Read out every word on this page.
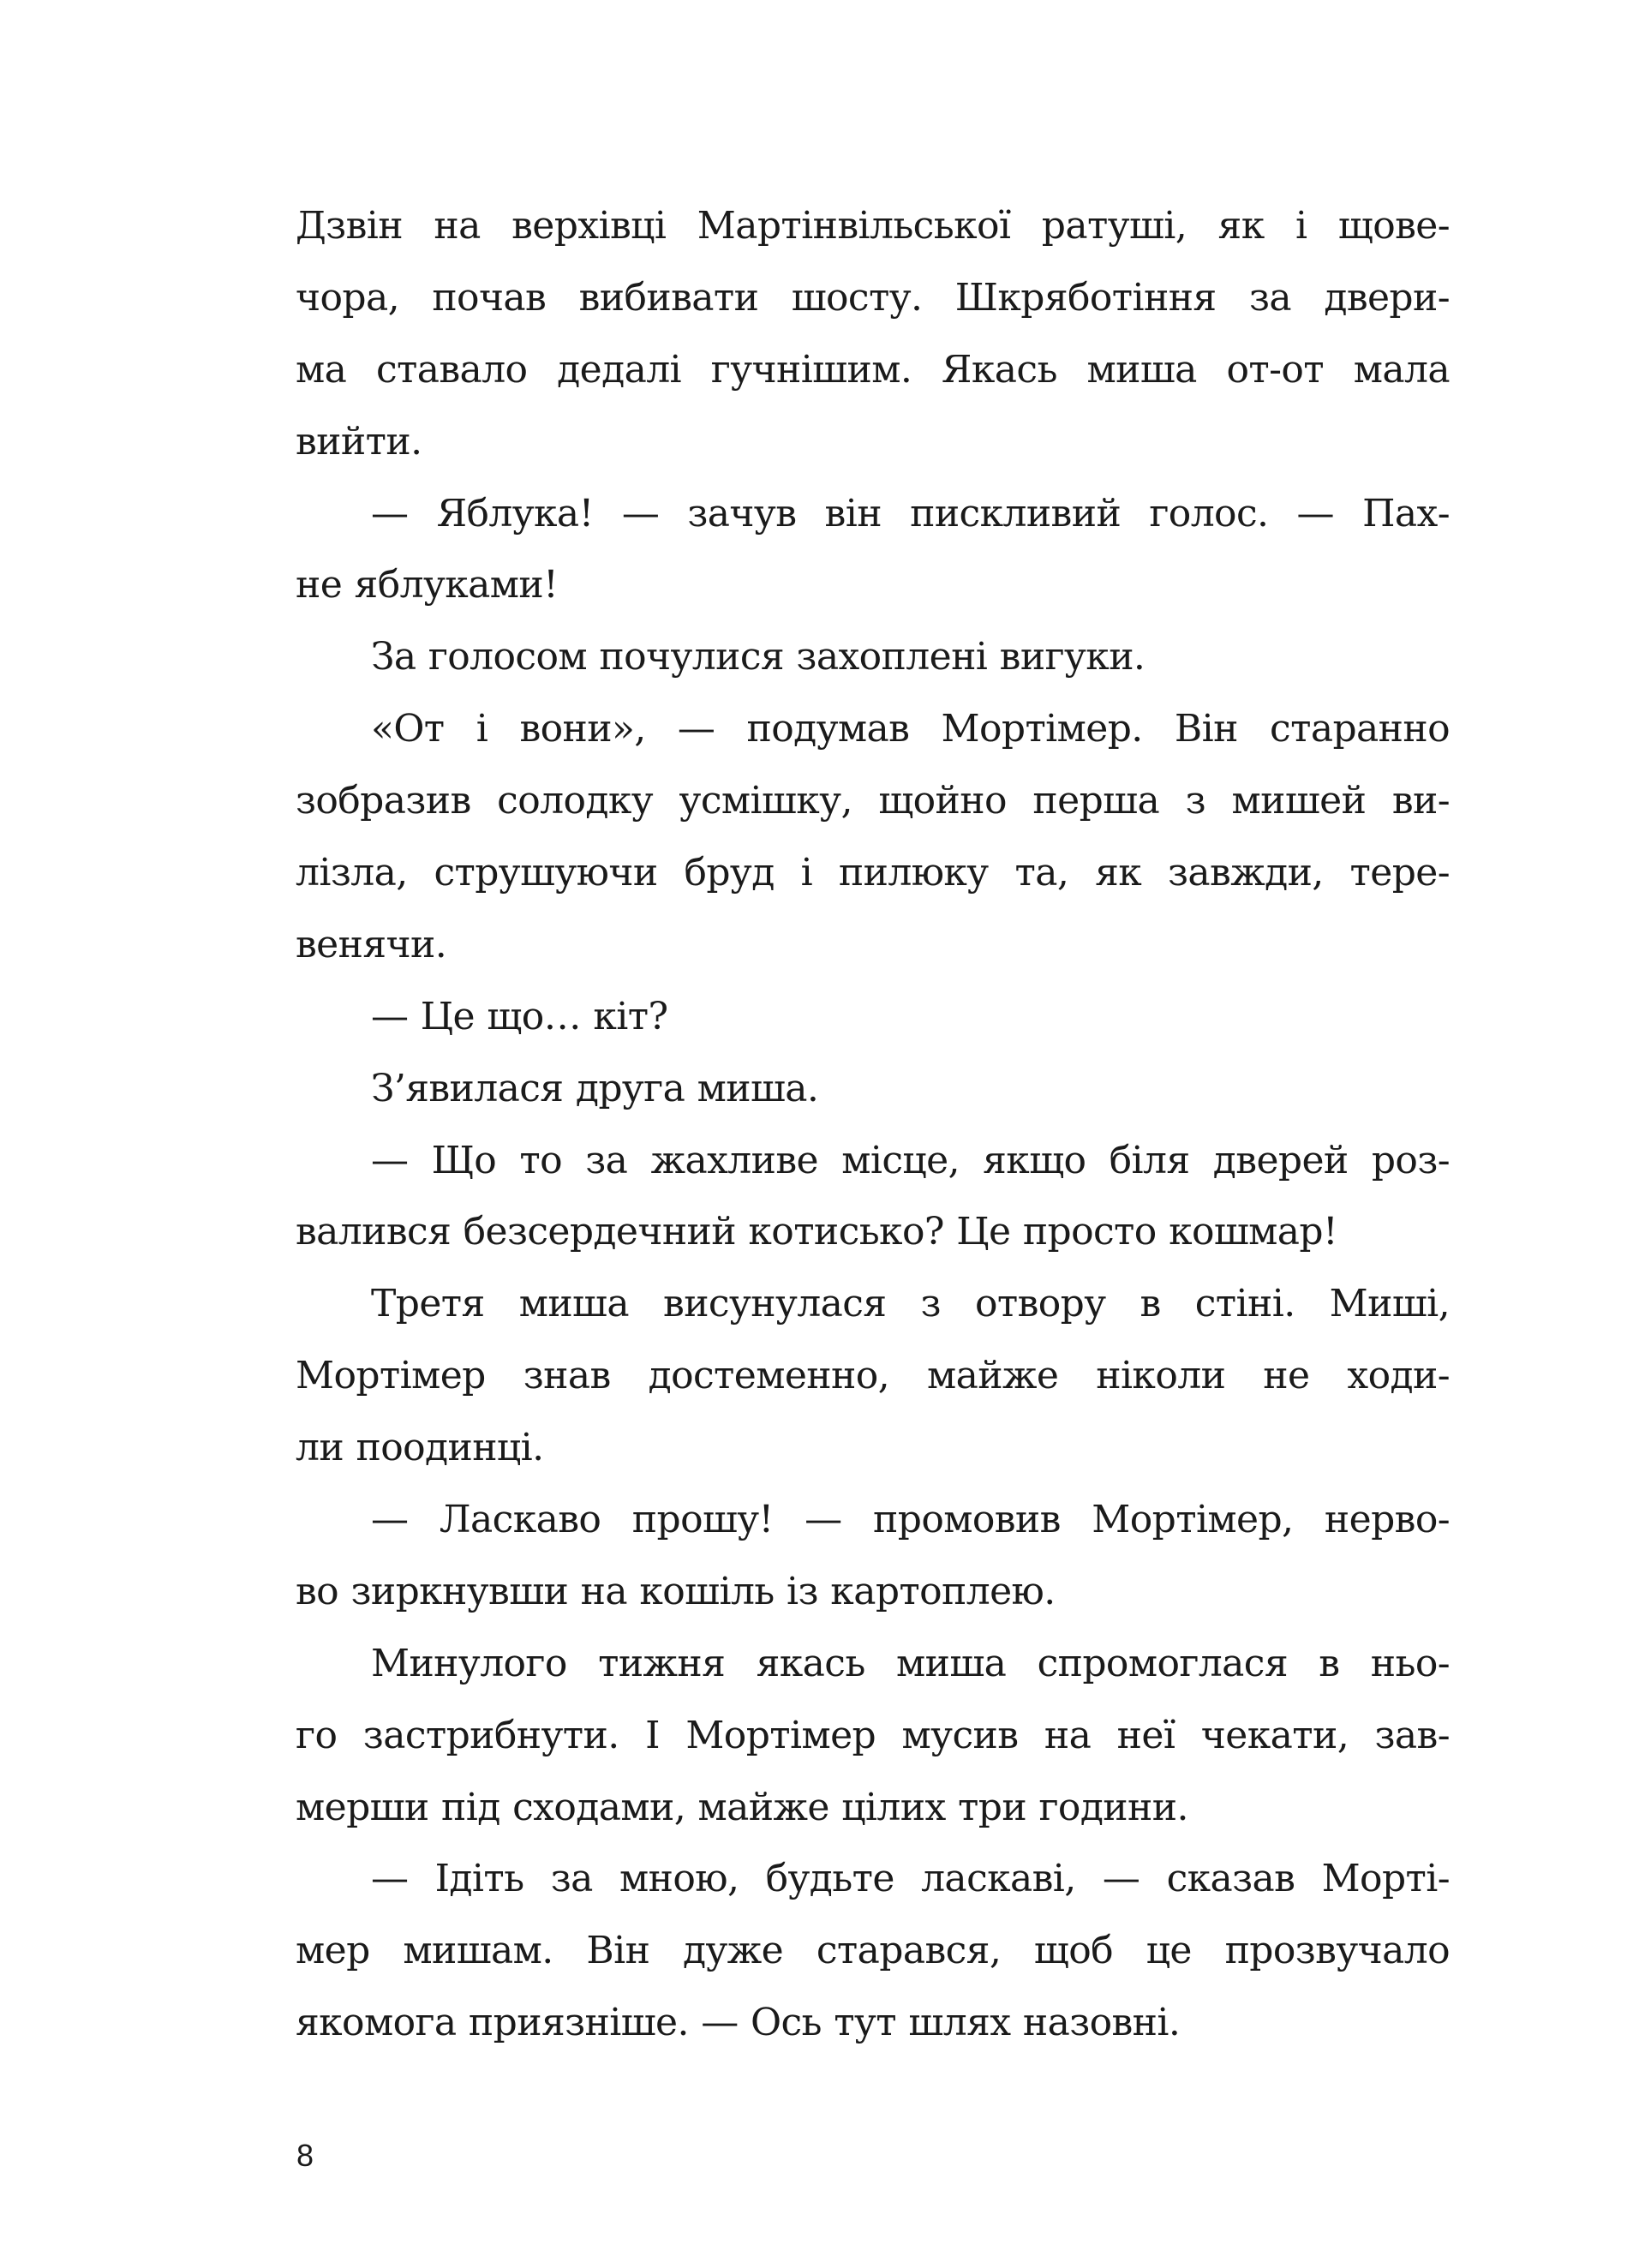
Дзвін на верхівці Мартінвільської ратуші, як і щове-
чора, почав вибивати шосту. Шкряботіння за двери-
ма ставало дедалі гучнішим. Якась миша от-от мала
вийти.
— Яблука! — зачув він пискливий голос. — Пах-
не яблуками!
За голосом почулися захоплені вигуки.
«От і вони», — подумав Мортімер. Він старанно
зобразив солодку усмішку, щойно перша з мишей ви-
лізла, струшуючи бруд і пилюку та, як завжди, тере-
венячи.
— Це що… кіт?
З’явилася друга миша.
— Що то за жахливе місце, якщо біля дверей роз-
валився безсердечний котисько? Це просто кошмар!
Третя миша висунулася з отвору в стіні. Миші,
Мортімер знав достеменно, майже ніколи не ходи-
ли поодинці.
— Ласкаво прошу! — промовив Мортімер, нерво-
во зиркнувши на кошіль із картоплею.
Минулого тижня якась миша спромоглася в ньо-
го застрибнути. І Мортімер мусив на неї чекати, зав-
мерши під сходами, майже цілих три години.
— Ідіть за мною, будьте ласкаві, — сказав Морті-
мер мишам. Він дуже старався, щоб це прозвучало
якомога приязніше. — Ось тут шлях назовні.
8
